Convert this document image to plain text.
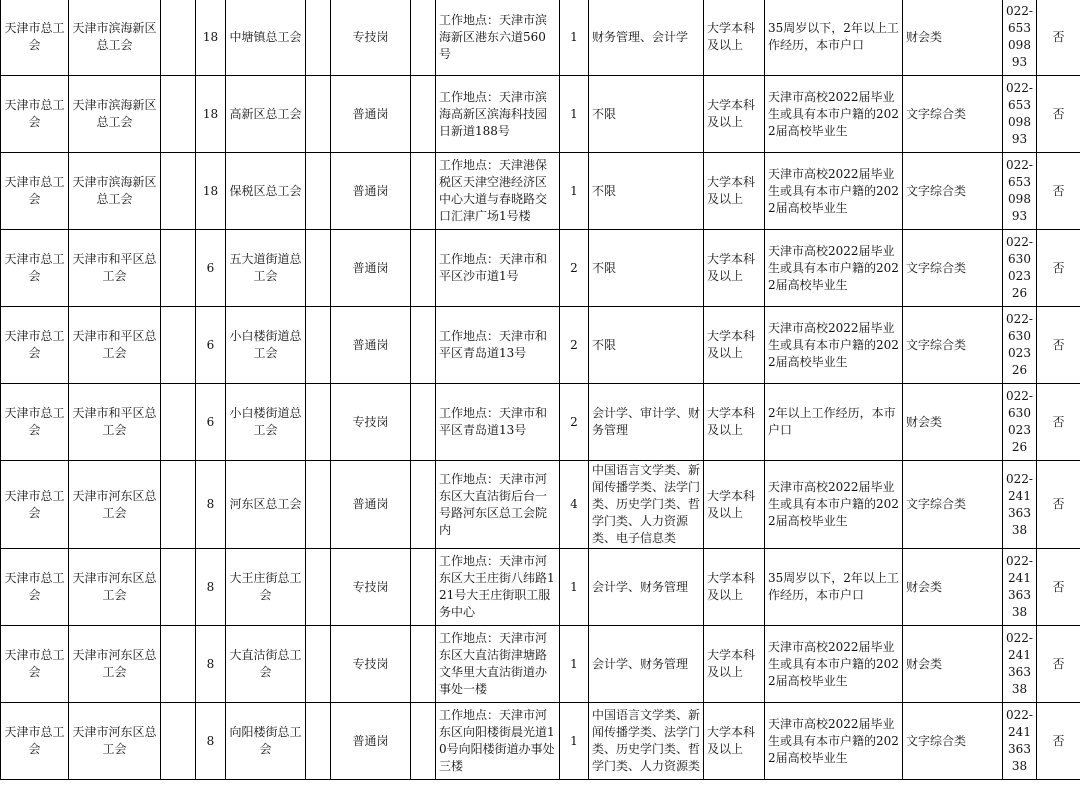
天津市总工会	天津市滨海新区总工会		18	中塘镇总工会		专技岗		工作地点：天津市滨海新区港东六道560号	1	财务管理、会计学	大学本科及以上	35周岁以下，2年以上工作经历，本市户口	财会类	022-65309893	否
天津市总工会	天津市滨海新区总工会		18	高新区总工会		普通岗		工作地点：天津市滨海高新区滨海科技园日新道188号	1	不限	大学本科及以上	天津市高校2022届毕业生或具有本市户籍的2022届高校毕业生	文字综合类	022-65309893	否
天津市总工会	天津市滨海新区总工会		18	保税区总工会		普通岗		工作地点：天津港保税区天津空港经济区中心大道与春晓路交口汇津广场1号楼	1	不限	大学本科及以上	天津市高校2022届毕业生或具有本市户籍的2022届高校毕业生	文字综合类	022-65309893	否
天津市总工会	天津市和平区总工会		6	五大道街道总工会		普通岗		工作地点：天津市和平区沙市道1号	2	不限	大学本科及以上	天津市高校2022届毕业生或具有本市户籍的2022届高校毕业生	文字综合类	022-63002326	否
天津市总工会	天津市和平区总工会		6	小白楼街道总工会		普通岗		工作地点：天津市和平区青岛道13号	2	不限	大学本科及以上	天津市高校2022届毕业生或具有本市户籍的2022届高校毕业生	文字综合类	022-63002326	否
天津市总工会	天津市和平区总工会		6	小白楼街道总工会		专技岗		工作地点：天津市和平区青岛道13号	2	会计学、审计学、财务管理	大学本科及以上	2年以上工作经历，本市户口	财会类	022-63002326	否
天津市总工会	天津市河东区总工会		8	河东区总工会		普通岗		工作地点：天津市河东区大直沽街后台一号路河东区总工会院内	4	中国语言文学类、新闻传播学类、法学门类、历史学门类、哲学门类、人力资源类、电子信息类	大学本科及以上	天津市高校2022届毕业生或具有本市户籍的2022届高校毕业生	文字综合类	022-24136338	否
天津市总工会	天津市河东区总工会		8	大王庄街总工会		专技岗		工作地点：天津市河东区大王庄街八纬路121号大王庄街职工服务中心	1	会计学、财务管理	大学本科及以上	35周岁以下，2年以上工作经历，本市户口	财会类	022-24136338	否
天津市总工会	天津市河东区总工会		8	大直沽街总工会		专技岗		工作地点：天津市河东区大直沽街津塘路文华里大直沽街道办事处一楼	1	会计学、财务管理	大学本科及以上	天津市高校2022届毕业生或具有本市户籍的2022届高校毕业生	财会类	022-24136338	否
天津市总工会	天津市河东区总工会		8	向阳楼街总工会		普通岗		工作地点：天津市河东区向阳楼街晨光道10号向阳楼街道办事处三楼	1	中国语言文学类、新闻传播学类、法学门类、历史学门类、哲学门类、人力资源类	大学本科及以上	天津市高校2022届毕业生或具有本市户籍的2022届高校毕业生	文字综合类	022-24136338	否
